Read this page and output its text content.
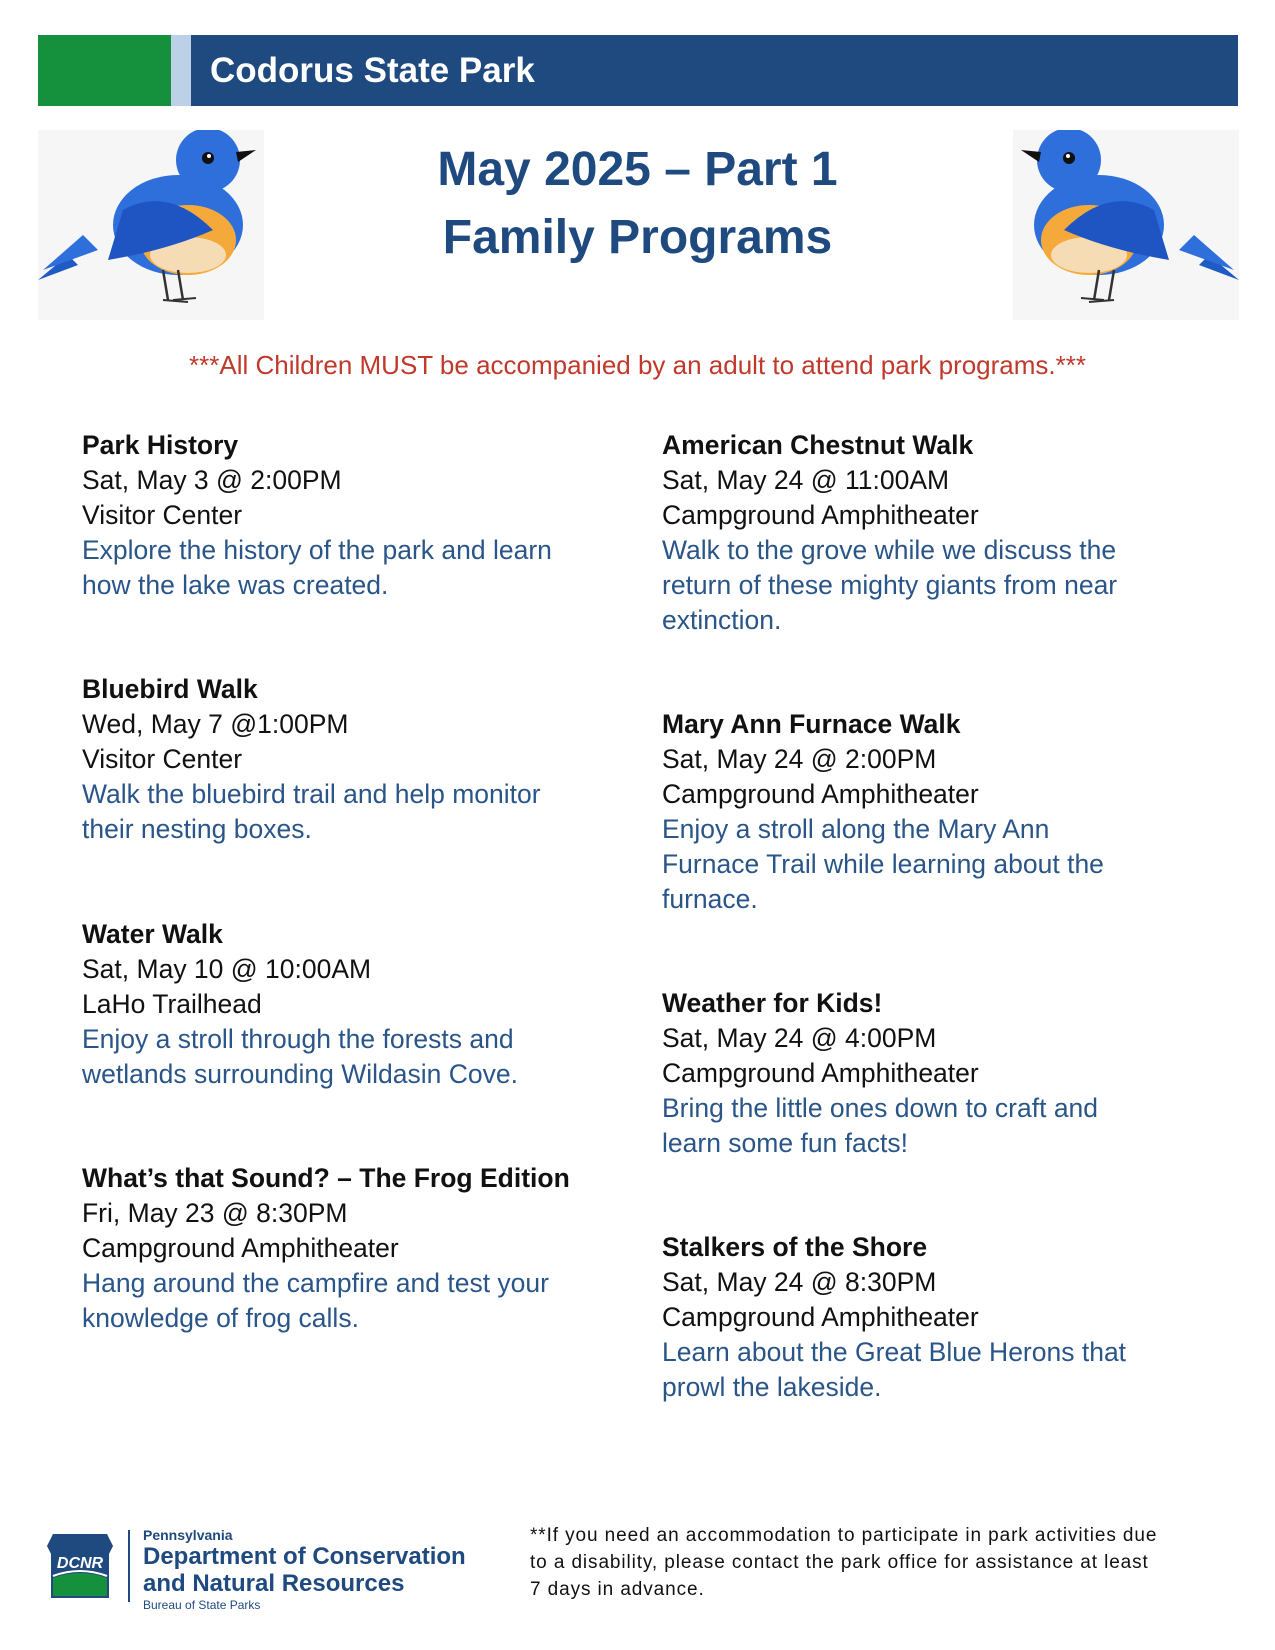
Codorus State Park
May 2025 – Part 1
Family Programs
***All Children MUST be accompanied by an adult to attend park programs.***
Park History
Sat, May 3 @ 2:00PM
Visitor Center
Explore the history of the park and learn
how the lake was created.
Bluebird Walk
Wed, May 7 @1:00PM
Visitor Center
Walk the bluebird trail and help monitor
their nesting boxes.
Water Walk
Sat, May 10 @ 10:00AM
LaHo Trailhead
Enjoy a stroll through the forests and
wetlands surrounding Wildasin Cove.
What’s that Sound? – The Frog Edition
Fri, May 23 @ 8:30PM
Campground Amphitheater
Hang around the campfire and test your
knowledge of frog calls.
American Chestnut Walk
Sat, May 24 @ 11:00AM
Campground Amphitheater
Walk to the grove while we discuss the
return of these mighty giants from near
extinction.
Mary Ann Furnace Walk
Sat, May 24 @ 2:00PM
Campground Amphitheater
Enjoy a stroll along the Mary Ann
Furnace Trail while learning about the
furnace.
Weather for Kids!
Sat, May 24 @ 4:00PM
Campground Amphitheater
Bring the little ones down to craft and
learn some fun facts!
Stalkers of the Shore
Sat, May 24 @ 8:30PM
Campground Amphitheater
Learn about the Great Blue Herons that
prowl the lakeside.
DCNR
Pennsylvania
Department of Conservation
and Natural Resources
Bureau of State Parks
**If you need an accommodation to participate in park activities due
to a disability, please contact the park office for assistance at least
7 days in advance.
